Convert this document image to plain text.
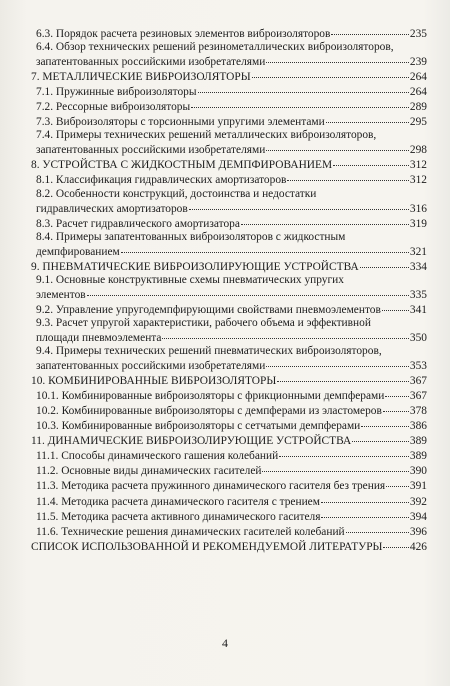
6.3. Порядок расчета резиновых элементов виброизоляторов	235
6.4. Обзор технических решений резинометаллических виброизоляторов,
запатентованных российскими изобретателями	239
7. МЕТАЛЛИЧЕСКИЕ ВИБРОИЗОЛЯТОРЫ	264
7.1. Пружинные виброизоляторы	264
7.2. Рессорные виброизоляторы	289
7.3. Виброизоляторы с торсионными упругими элементами	295
7.4. Примеры технических решений металлических виброизоляторов,
запатентованных российскими изобретателями	298
8. УСТРОЙСТВА С ЖИДКОСТНЫМ ДЕМПФИРОВАНИЕМ	312
8.1. Классификация гидравлических амортизаторов	312
8.2. Особенности конструкций, достоинства и недостатки
гидравлических амортизаторов	316
8.3. Расчет гидравлического амортизатора	319
8.4. Примеры запатентованных виброизоляторов с жидкостным
демпфированием	321
9. ПНЕВМАТИЧЕСКИЕ ВИБРОИЗОЛИРУЮЩИЕ УСТРОЙСТВА	334
9.1. Основные конструктивные схемы пневматических упругих
элементов	335
9.2. Управление упругодемпфирующими свойствами пневмоэлементов	341
9.3. Расчет упругой характеристики, рабочего объема и эффективной
площади пневмоэлемента	350
9.4. Примеры технических решений пневматических виброизоляторов,
запатентованных российскими изобретателями	353
10. КОМБИНИРОВАННЫЕ ВИБРОИЗОЛЯТОРЫ	367
10.1. Комбинированные виброизоляторы с фрикционными демпферами 367
10.2. Комбинированные виброизоляторы с демпферами из эластомеров 378
10.3. Комбинированные виброизоляторы с сетчатыми демпферами	386
11. ДИНАМИЧЕСКИЕ ВИБРОИЗОЛИРУЮЩИЕ УСТРОЙСТВА	389
11.1. Способы динамического гашения колебаний	389
11.2. Основные виды динамических гасителей	390
11.3. Методика расчета пружинного динамического гасителя без трения 391
11.4. Методика расчета динамического гасителя с трением	392
11.5. Методика расчета активного динамического гасителя	394
11.6. Технические решения динамических гасителей колебаний	396
СПИСОК ИСПОЛЬЗОВАННОЙ И РЕКОМЕНДУЕМОЙ ЛИТЕРАТУРЫ 426
4
